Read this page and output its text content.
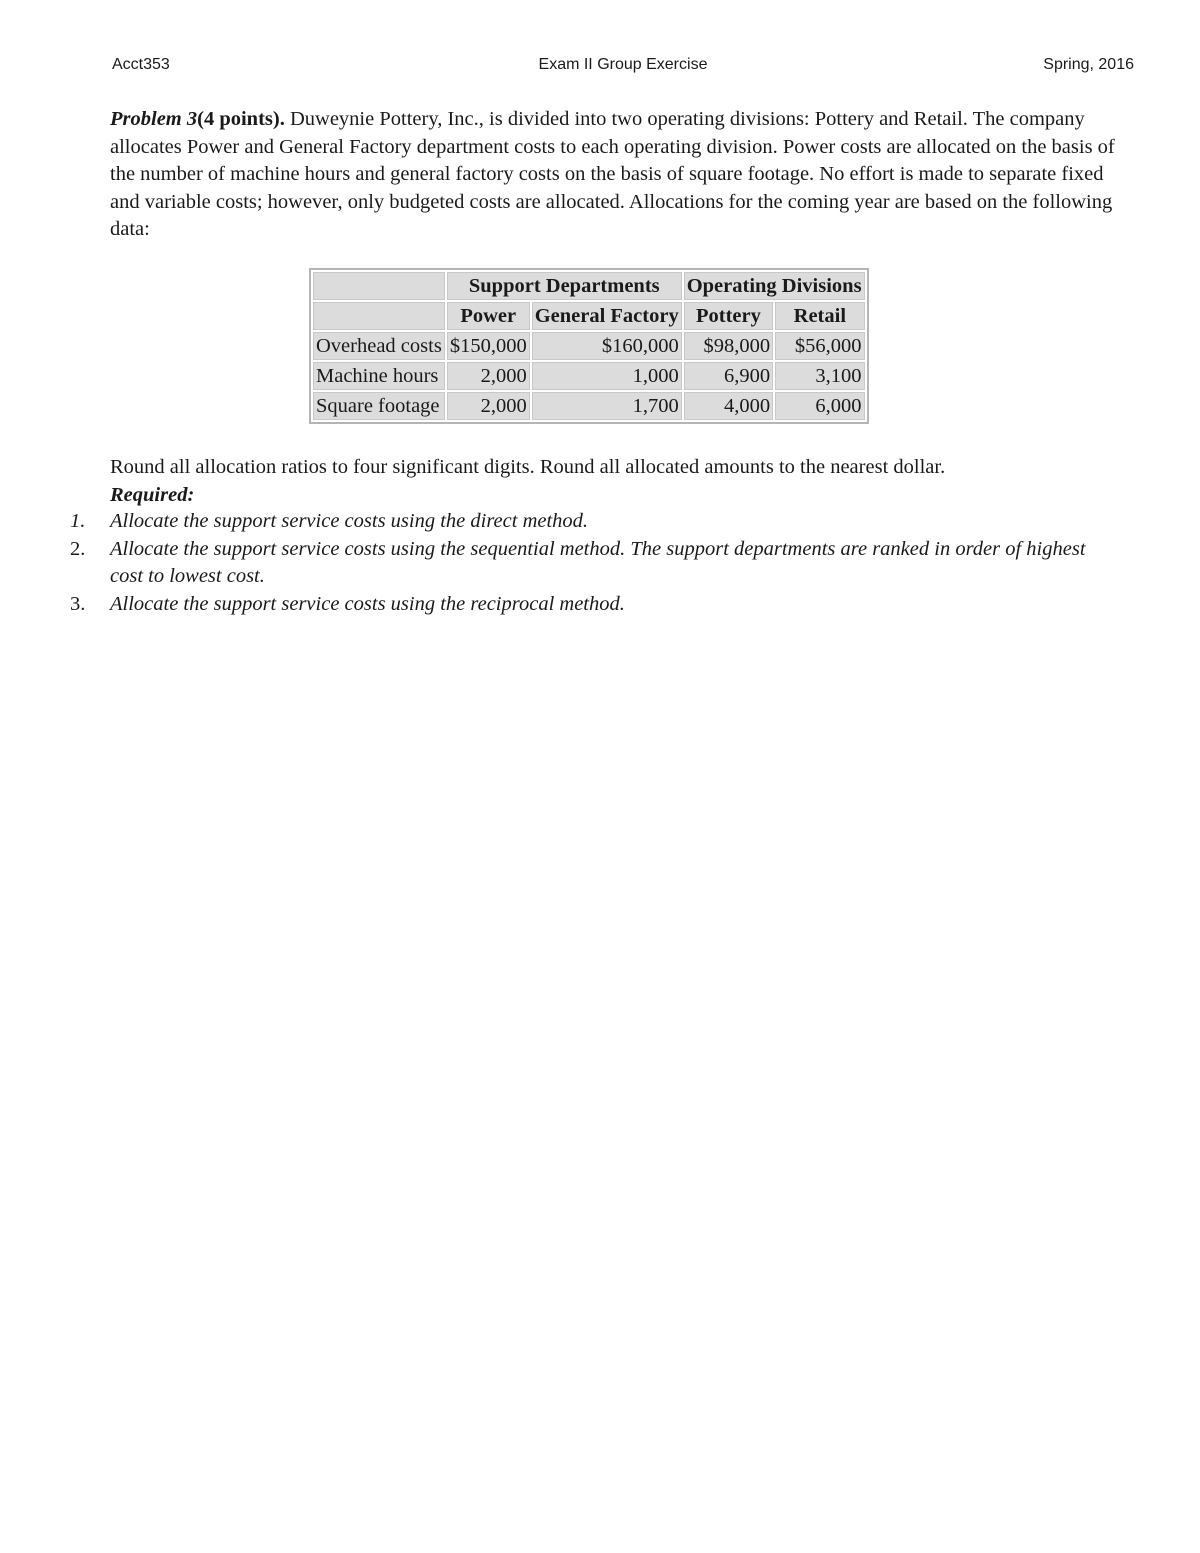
Acct353	Exam II Group Exercise	Spring, 2016
Problem 3(4 points). Duweynie Pottery, Inc., is divided into two operating divisions: Pottery and Retail. The company allocates Power and General Factory department costs to each operating division. Power costs are allocated on the basis of the number of machine hours and general factory costs on the basis of square footage. No effort is made to separate fixed and variable costs; however, only budgeted costs are allocated. Allocations for the coming year are based on the following data:
	Support Departments		Operating Divisions	
	Power	General Factory	Pottery	Retail
Overhead costs	$150,000	$160,000	$98,000	$56,000
Machine hours	2,000	1,000	6,900	3,100
Square footage	2,000	1,700	4,000	6,000
Round all allocation ratios to four significant digits. Round all allocated amounts to the nearest dollar.
Required:
1. Allocate the support service costs using the direct method.
2. Allocate the support service costs using the sequential method. The support departments are ranked in order of highest cost to lowest cost.
3. Allocate the support service costs using the reciprocal method.
